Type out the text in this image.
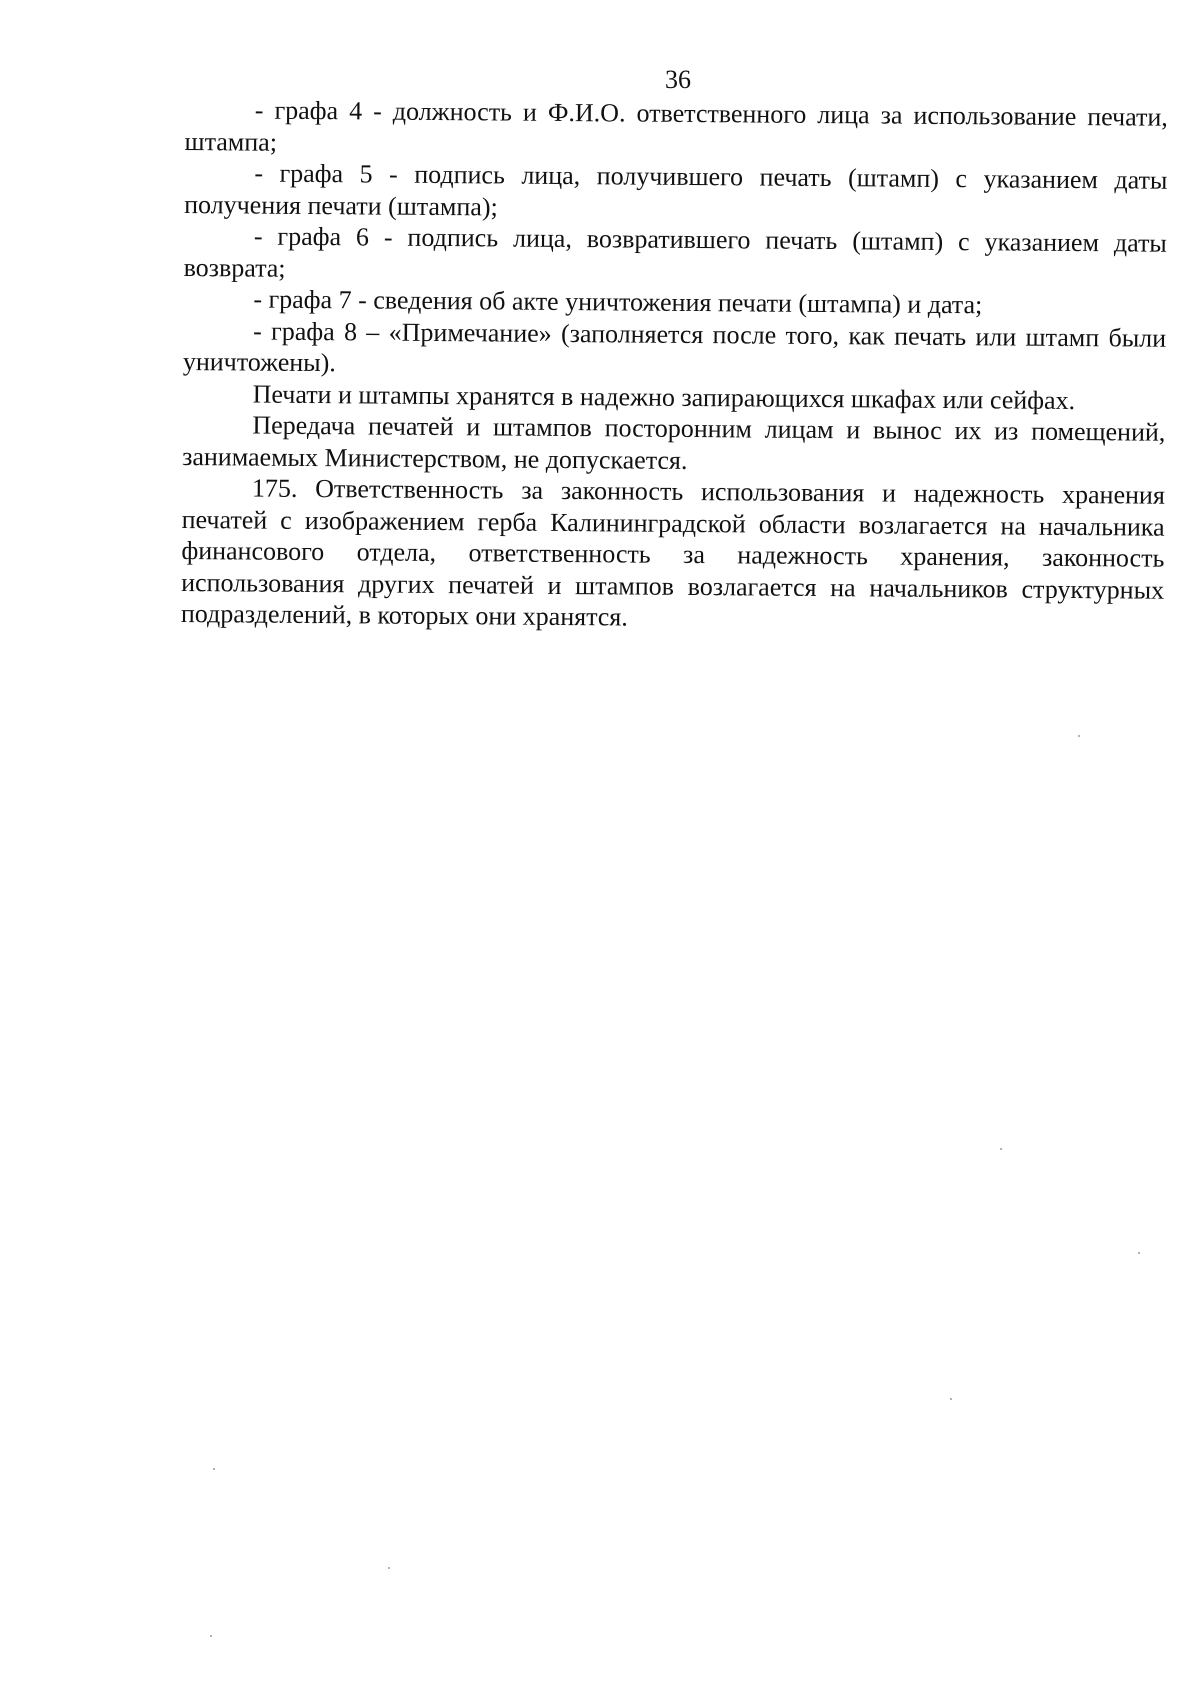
36

- графа 4 - должность и Ф.И.О. ответственного лица за использование печати, штампа;

- графа 5 - подпись лица, получившего печать (штамп) с указанием даты получения печати (штампа);

- графа 6 - подпись лица, возвратившего печать (штамп) с указанием даты возврата;

- графа 7 - сведения об акте уничтожения печати (штампа) и дата;

- графа 8 – «Примечание» (заполняется после того, как печать или штамп были уничтожены).

Печати и штампы хранятся в надежно запирающихся шкафах или сейфах.

Передача печатей и штампов посторонним лицам и вынос их из помещений, занимаемых Министерством, не допускается.

175. Ответственность за законность использования и надежность хранения печатей с изображением герба Калининградской области возлагается на начальника финансового отдела, ответственность за надежность хранения, законность использования других печатей и штампов возлагается на начальников структурных подразделений, в которых они хранятся.
